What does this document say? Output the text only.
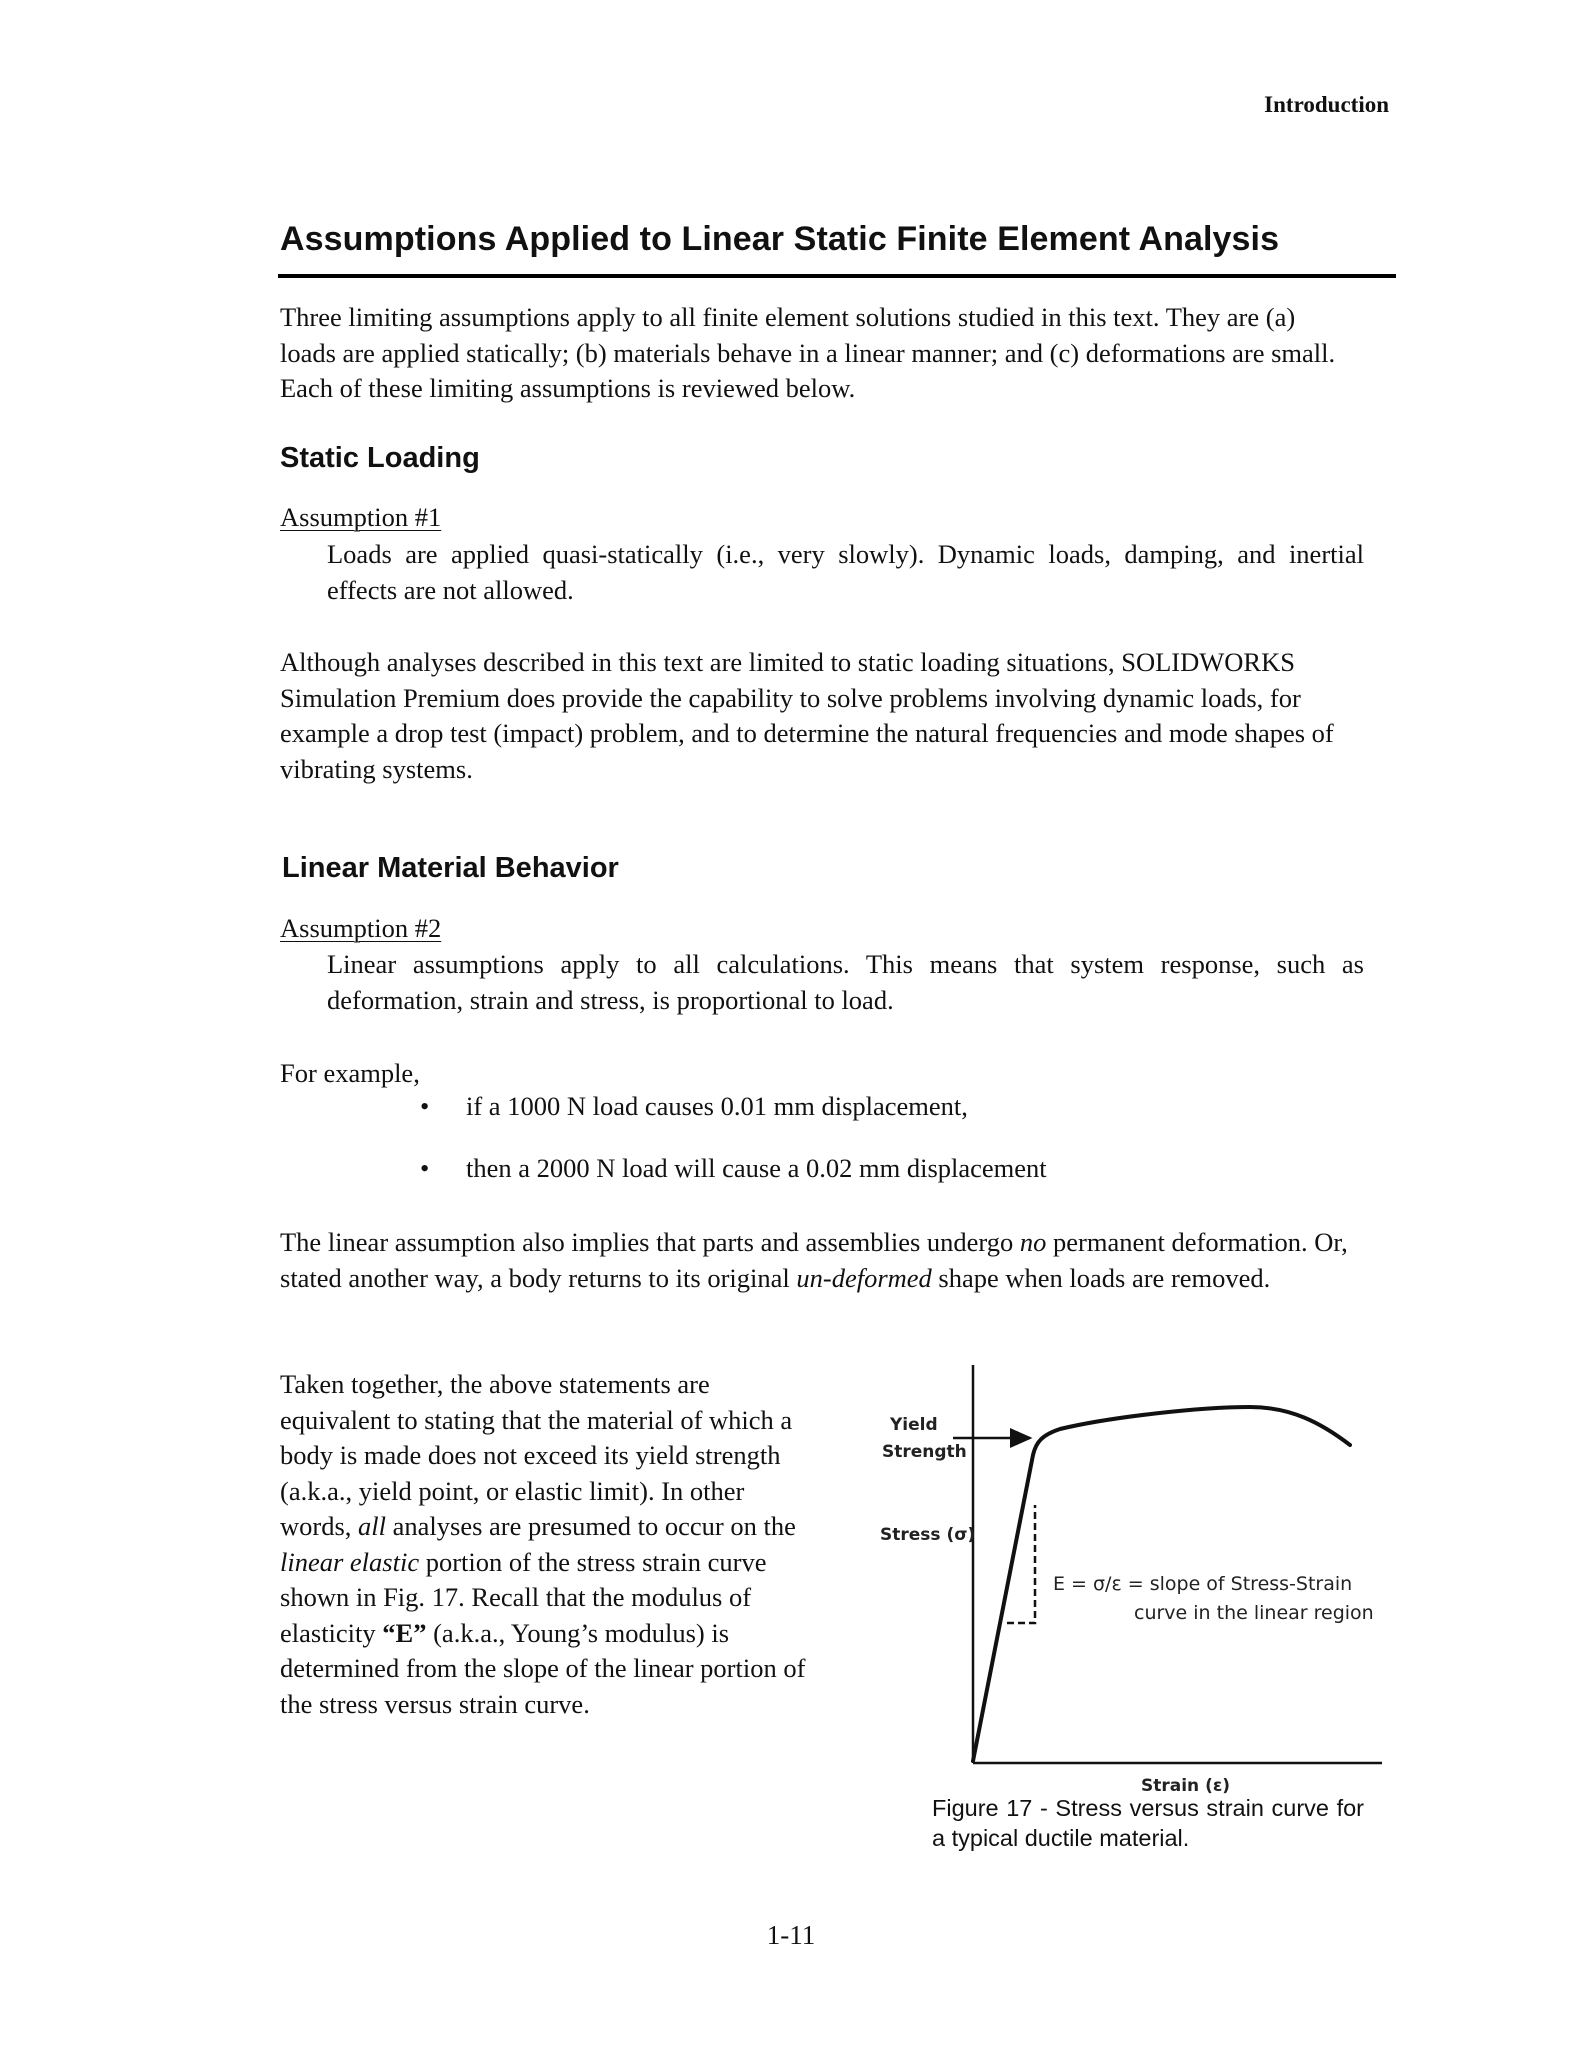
Introduction
Assumptions Applied to Linear Static Finite Element Analysis
Three limiting assumptions apply to all finite element solutions studied in this text. They are (a) loads are applied statically; (b) materials behave in a linear manner; and (c) deformations are small. Each of these limiting assumptions is reviewed below.
Static Loading
Assumption #1
Loads are applied quasi-statically (i.e., very slowly). Dynamic loads, damping, and inertial effects are not allowed.
Although analyses described in this text are limited to static loading situations, SOLIDWORKS Simulation Premium does provide the capability to solve problems involving dynamic loads, for example a drop test (impact) problem, and to determine the natural frequencies and mode shapes of vibrating systems.
Linear Material Behavior
Assumption #2
Linear assumptions apply to all calculations. This means that system response, such as deformation, strain and stress, is proportional to load.
For example,
• if a 1000 N load causes 0.01 mm displacement,
• then a 2000 N load will cause a 0.02 mm displacement
The linear assumption also implies that parts and assemblies undergo no permanent deformation. Or, stated another way, a body returns to its original un-deformed shape when loads are removed.
Taken together, the above statements are equivalent to stating that the material of which a body is made does not exceed its yield strength (a.k.a., yield point, or elastic limit). In other words, all analyses are presumed to occur on the linear elastic portion of the stress strain curve shown in Fig. 17. Recall that the modulus of elasticity “E” (a.k.a., Young’s modulus) is determined from the slope of the linear portion of the stress versus strain curve.
Yield
Strength
Stress (σ)
E = σ/ε = slope of Stress-Strain
curve in the linear region
Strain (ε)
Figure 17 - Stress versus strain curve for a typical ductile material.
1-11
